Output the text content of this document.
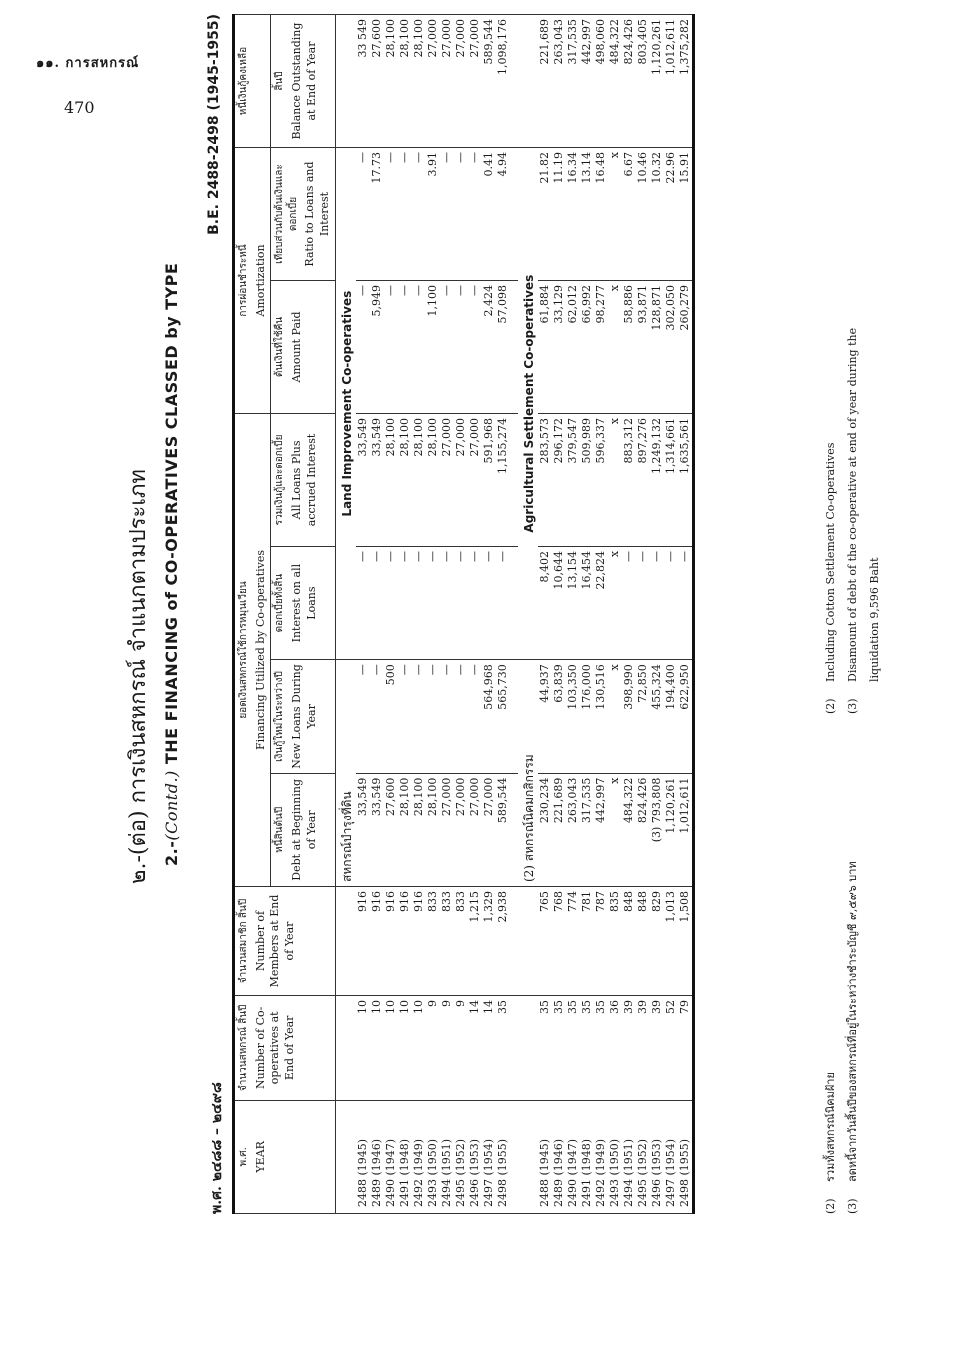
๑๑. การสหกรณ์
470
๒.-(ต่อ) การเงินสหกรณ์ จำแนกตามประเภท 2.-(Contd.) THE FINANCING of CO-OPERATIVES CLASSED by TYPE
พ.ศ. ๒๔๘๘ – ๒๔๙๘
B.E. 2488-2498 (1945-1955)
พ.ศ. YEAR	จำนวนสหกรณ์ สิ้นปี Number of Co-operatives at End of Year	จำนวนสมาชิก สิ้นปี Number of Members at End of Year	ยอดเงินสหกรณ์ใช้การหมุนเวียน Financing Utilized by Co-operatives				การผ่อนชำระหนี้ Amortization		หนี้เงินกู้คงเหลือ

			หนี้สินต้นปี Debt at Beginning of Year	เงินกู้ใหม่ในระหว่างปี New Loans During Year	ดอกเบี้ยทั้งสิ้น Interest on all Loans	รวมเงินกู้และดอกเบี้ย All Loans Plus accrued Interest	ต้นเงินที่ใช้คืน Amount Paid	เทียบส่วนกับต้นเงินและดอกเบี้ย Ratio to Loans and Interest	สิ้นปี Balance Outstanding at End of Year

			สหกรณ์บำรุงที่ดิน		Land Improvement Co-operatives				
2488 (1945)	10	916	33,549	—	—	33,549	—	—	33 549
2489 (1946)	10	916	33,549	—	—	33,549	5,949	17.73	27,600
2490 (1947)	10	916	27,600	500	—	28,100	—	—	28,100
2491 (1948)	10	916	28,100	—	—	28,100	—	—	28,100
2492 (1949)	10	916	28,100	—	—	28,100	—	—	28,100
2493 (1950)	9	833	28,100	—	—	28,100	1,100	3.91	27,000
2494 (1951)	9	833	27,000	—	—	27,000	—	—	27,000
2495 (1952)	9	833	27,000	—	—	27,000	—	—	27,000
2496 (1953)	14	1,215	27,000	—	—	27,000	—	—	27,000
2497 (1954)	14	1,329	27,000	564,968	—	591,968	2,424	0.41	589,544
2498 (1955)	35	2,938	589,544	565,730	—	1,155,274	57,098	4.94	1,098,176

			(2) สหกรณ์นิคมกสิกรรม		Agricultural Settlement Co-operatives				
2488 (1945)	35	765	230,234	44,937	8,402	283,573	61,884	21.82	221,689
2489 (1946)	35	768	221,689	63,839	10,644	296,172	33,129	11.19	263,043
2490 (1947)	35	774	263,043	103,350	13,154	379,547	62,012	16.34	317,535
2491 (1948)	35	781	317,535	176,000	16,454	509,989	66,992	13.14	442,997
2492 (1949)	35	787	442,997	130,516	22,824	596,337	98,277	16.48	498,060
2493 (1950)	36	835	x	x	x	x	x	x	484,322
2494 (1951)	39	848	484,322	398,990	—	883,312	58,886	6.67	824,426
2495 (1952)	39	848	824,426	72,850	—	897,276	93,871	10.46	803,405
2496 (1953)	39	829	(3) 793,808	455,324	—	1,249,132	128,871	10.32	1,120,261
2497 (1954)	52	1,013	1,120,261	194,400	—	1,314,661	302,050	22.96	1,012,611
2498 (1955)	79	1,508	1,012,611	622,950	—	1,635,561	260,279	15.91	1,375,282
(2)รวมทั้งสหกรณ์นิคมฝ้าย
(3)ลดหนี้จากวันสิ้นปีของสหกรณ์ที่อยู่ในระหว่างชำระบัญชี ๙,๕๙๖ บาท
(2)Including Cotton Settlement Co-operatives
(3)Disamount of debt of the co-operative at end of year during the liquidation 9,596 Baht
